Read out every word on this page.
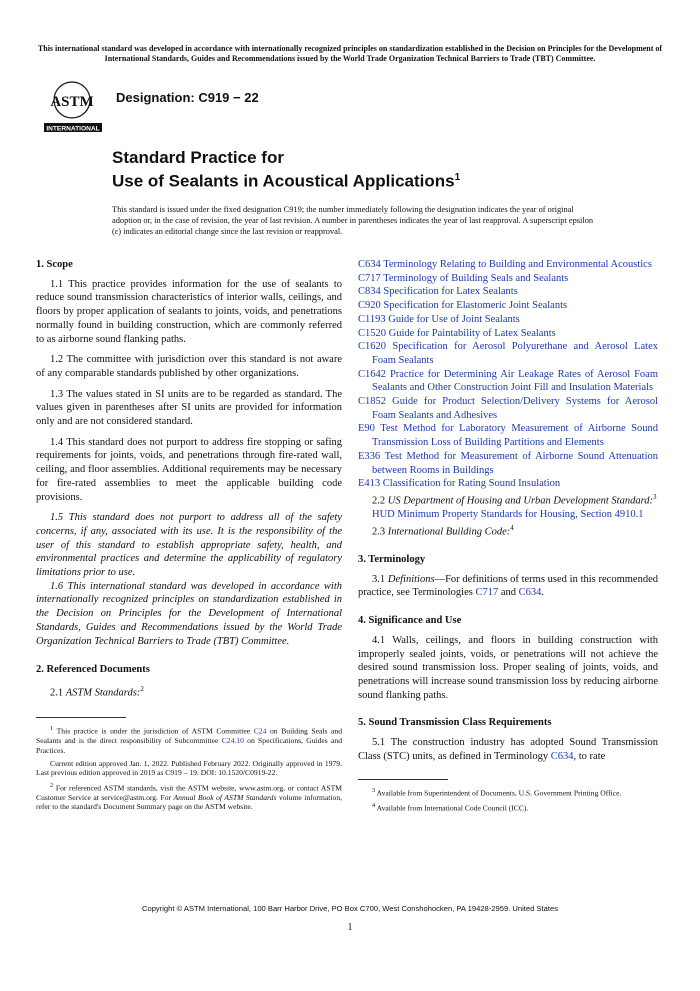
This international standard was developed in accordance with internationally recognized principles on standardization established in the Decision on Principles for the Development of International Standards, Guides and Recommendations issued by the World Trade Organization Technical Barriers to Trade (TBT) Committee.
ASTM
INTERNATIONAL
Designation: C919 − 22
Standard Practice for
Use of Sealants in Acoustical Applications$^1$
This standard is issued under the fixed designation C919; the number immediately following the designation indicates the year of original adoption or, in the case of revision, the year of last revision. A number in parentheses indicates the year of last reapproval. A superscript epsilon (ε) indicates an editorial change since the last revision or reapproval.
1. Scope

1.1 This practice provides information for the use of sealants to reduce sound transmission characteristics of interior walls, ceilings, and floors by proper application of sealants to joints, voids, and penetrations normally found in building construction, which are commonly referred to as airborne sound flanking paths.

1.2 The committee with jurisdiction over this standard is not aware of any comparable standards published by other organizations.

1.3 The values stated in SI units are to be regarded as standard. The values given in parentheses after SI units are provided for information only and are not considered standard.

1.4 This standard does not purport to address fire stopping or safing requirements for joints, voids, and penetrations through fire-rated wall, ceiling, and floor assemblies. Additional requirements may be necessary for fire-rated assemblies to meet the applicable building code provisions.

1.5 This standard does not purport to address all of the safety concerns, if any, associated with its use. It is the responsibility of the user of this standard to establish appropriate safety, health, and environmental practices and determine the applicability of regulatory limitations prior to use.

1.6 This international standard was developed in accordance with internationally recognized principles on standardization established in the Decision on Principles for the Development of International Standards, Guides and Recommendations issued by the World Trade Organization Technical Barriers to Trade (TBT) Committee.

2. Referenced Documents

2.1 ASTM Standards:$^2$

$^1$ This practice is under the jurisdiction of ASTM Committee C24 on Building Seals and Sealants and is the direct responsibility of Subcommittee C24.10 on Specifications, Guides and Practices.

Current edition approved Jan. 1, 2022. Published February 2022. Originally approved in 1979. Last previous edition approved in 2019 as C919 – 19. DOI: 10.1520/C0919-22.

$^2$ For referenced ASTM standards, visit the ASTM website, www.astm.org, or contact ASTM Customer Service at service@astm.org. For Annual Book of ASTM Standards volume information, refer to the standard's Document Summary page on the ASTM website.

C634 Terminology Relating to Building and Environmental Acoustics

C717 Terminology of Building Seals and Sealants

C834 Specification for Latex Sealants

C920 Specification for Elastomeric Joint Sealants

C1193 Guide for Use of Joint Sealants

C1520 Guide for Paintability of Latex Sealants

C1620 Specification for Aerosol Polyurethane and Aerosol Latex Foam Sealants

C1642 Practice for Determining Air Leakage Rates of Aerosol Foam Sealants and Other Construction Joint Fill and Insulation Materials

C1852 Guide for Product Selection/Delivery Systems for Aerosol Foam Sealants and Adhesives

E90 Test Method for Laboratory Measurement of Airborne Sound Transmission Loss of Building Partitions and Elements

E336 Test Method for Measurement of Airborne Sound Attenuation between Rooms in Buildings

E413 Classification for Rating Sound Insulation

2.2 US Department of Housing and Urban Development Standard:$^3$

HUD Minimum Property Standards for Housing, Section 4910.1

2.3 International Building Code:$^4$

3. Terminology

3.1 Definitions—For definitions of terms used in this recommended practice, see Terminologies C717 and C634.

4. Significance and Use

4.1 Walls, ceilings, and floors in building construction with improperly sealed joints, voids, or penetrations will not achieve the desired sound transmission loss. Proper sealing of joints, voids, and penetrations will increase sound transmission loss by reducing airborne sound flanking paths.

5. Sound Transmission Class Requirements

5.1 The construction industry has adopted Sound Transmission Class (STC) units, as defined in Terminology C634, to rate

$^3$ Available from Superintendent of Documents, U.S. Government Printing Office.

$^4$ Available from International Code Council (ICC).

Copyright © ASTM International, 100 Barr Harbor Drive, PO Box C700, West Conshohocken, PA 19428-2959. United States
1
